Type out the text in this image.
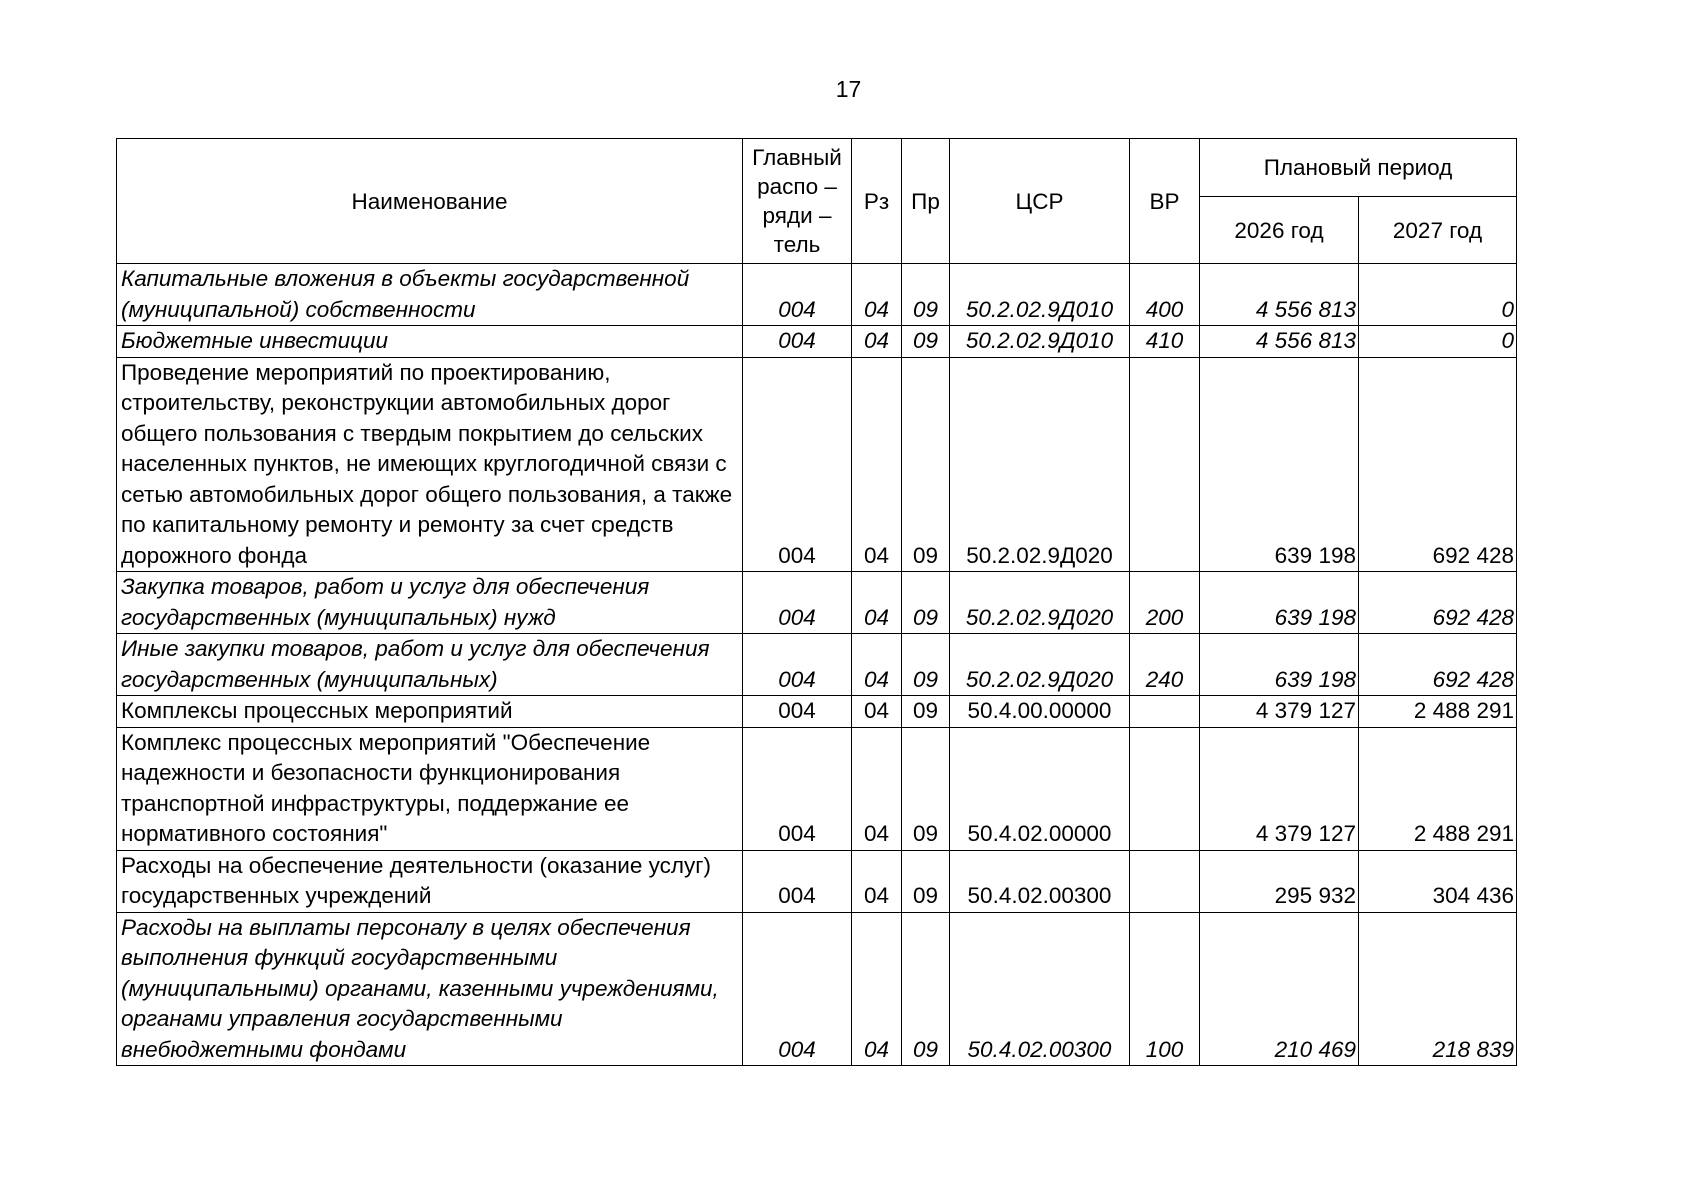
17
Наименование	Главный распо – ряди – тель	Рз	Пр	ЦСР	ВР	Плановый период	
						2026 год	2027 год
Капитальные вложения в объекты государственной (муниципальной) собственности	004	04	09	50.2.02.9Д010	400	4 556 813	0
Бюджетные инвестиции	004	04	09	50.2.02.9Д010	410	4 556 813	0
Проведение мероприятий по проектированию, строительству, реконструкции автомобильных дорог общего пользования с твердым покрытием до сельских населенных пунктов, не имеющих круглогодичной связи с сетью автомобильных дорог общего пользования, а также по капитальному ремонту и ремонту за счет средств дорожного фонда	004	04	09	50.2.02.9Д020		639 198	692 428
Закупка товаров, работ и услуг для обеспечения государственных (муниципальных) нужд	004	04	09	50.2.02.9Д020	200	639 198	692 428
Иные закупки товаров, работ и услуг для обеспечения государственных (муниципальных)	004	04	09	50.2.02.9Д020	240	639 198	692 428
Комплексы процессных мероприятий	004	04	09	50.4.00.00000		4 379 127	2 488 291
Комплекс процессных мероприятий "Обеспечение надежности и безопасности функционирования транспортной инфраструктуры, поддержание ее нормативного состояния"	004	04	09	50.4.02.00000		4 379 127	2 488 291
Расходы на обеспечение деятельности (оказание услуг) государственных учреждений	004	04	09	50.4.02.00300		295 932	304 436
Расходы на выплаты персоналу в целях обеспечения выполнения функций государственными (муниципальными) органами, казенными учреждениями, органами управления государственными внебюджетными фондами	004	04	09	50.4.02.00300	100	210 469	218 839
